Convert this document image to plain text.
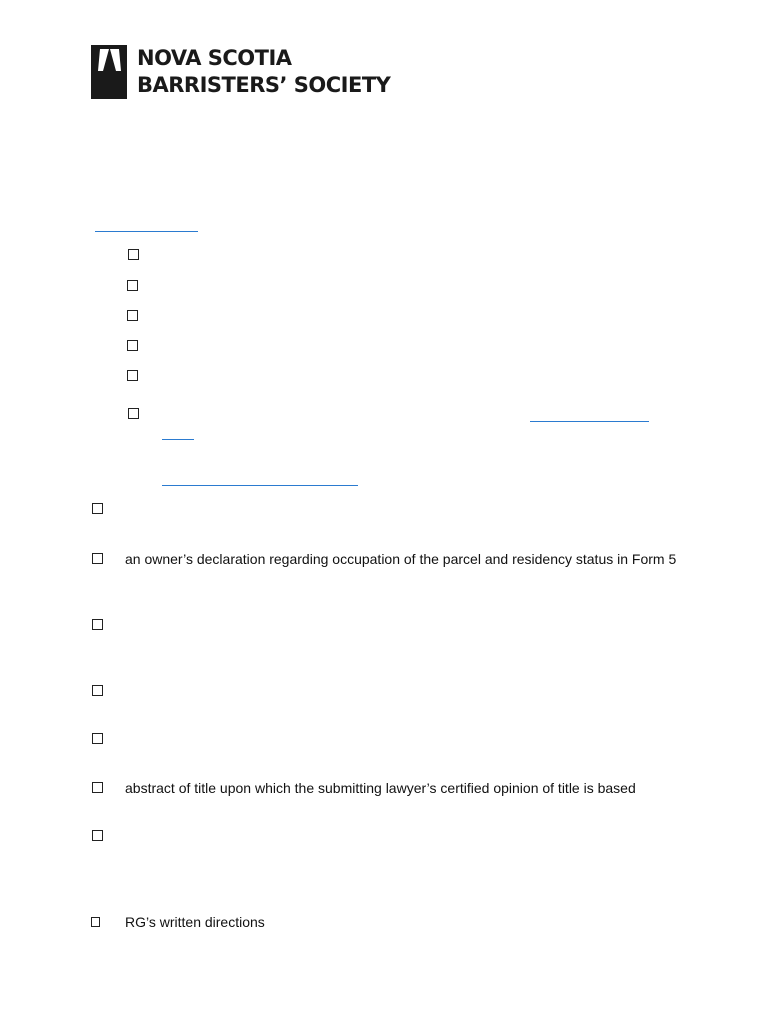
NOVA SCOTIA
BARRISTERS’ SOCIETY
an owner’s declaration regarding occupation of the parcel and residency status in Form 5
abstract of title upon which the submitting lawyer’s certified opinion of title is based
RG’s written directions
